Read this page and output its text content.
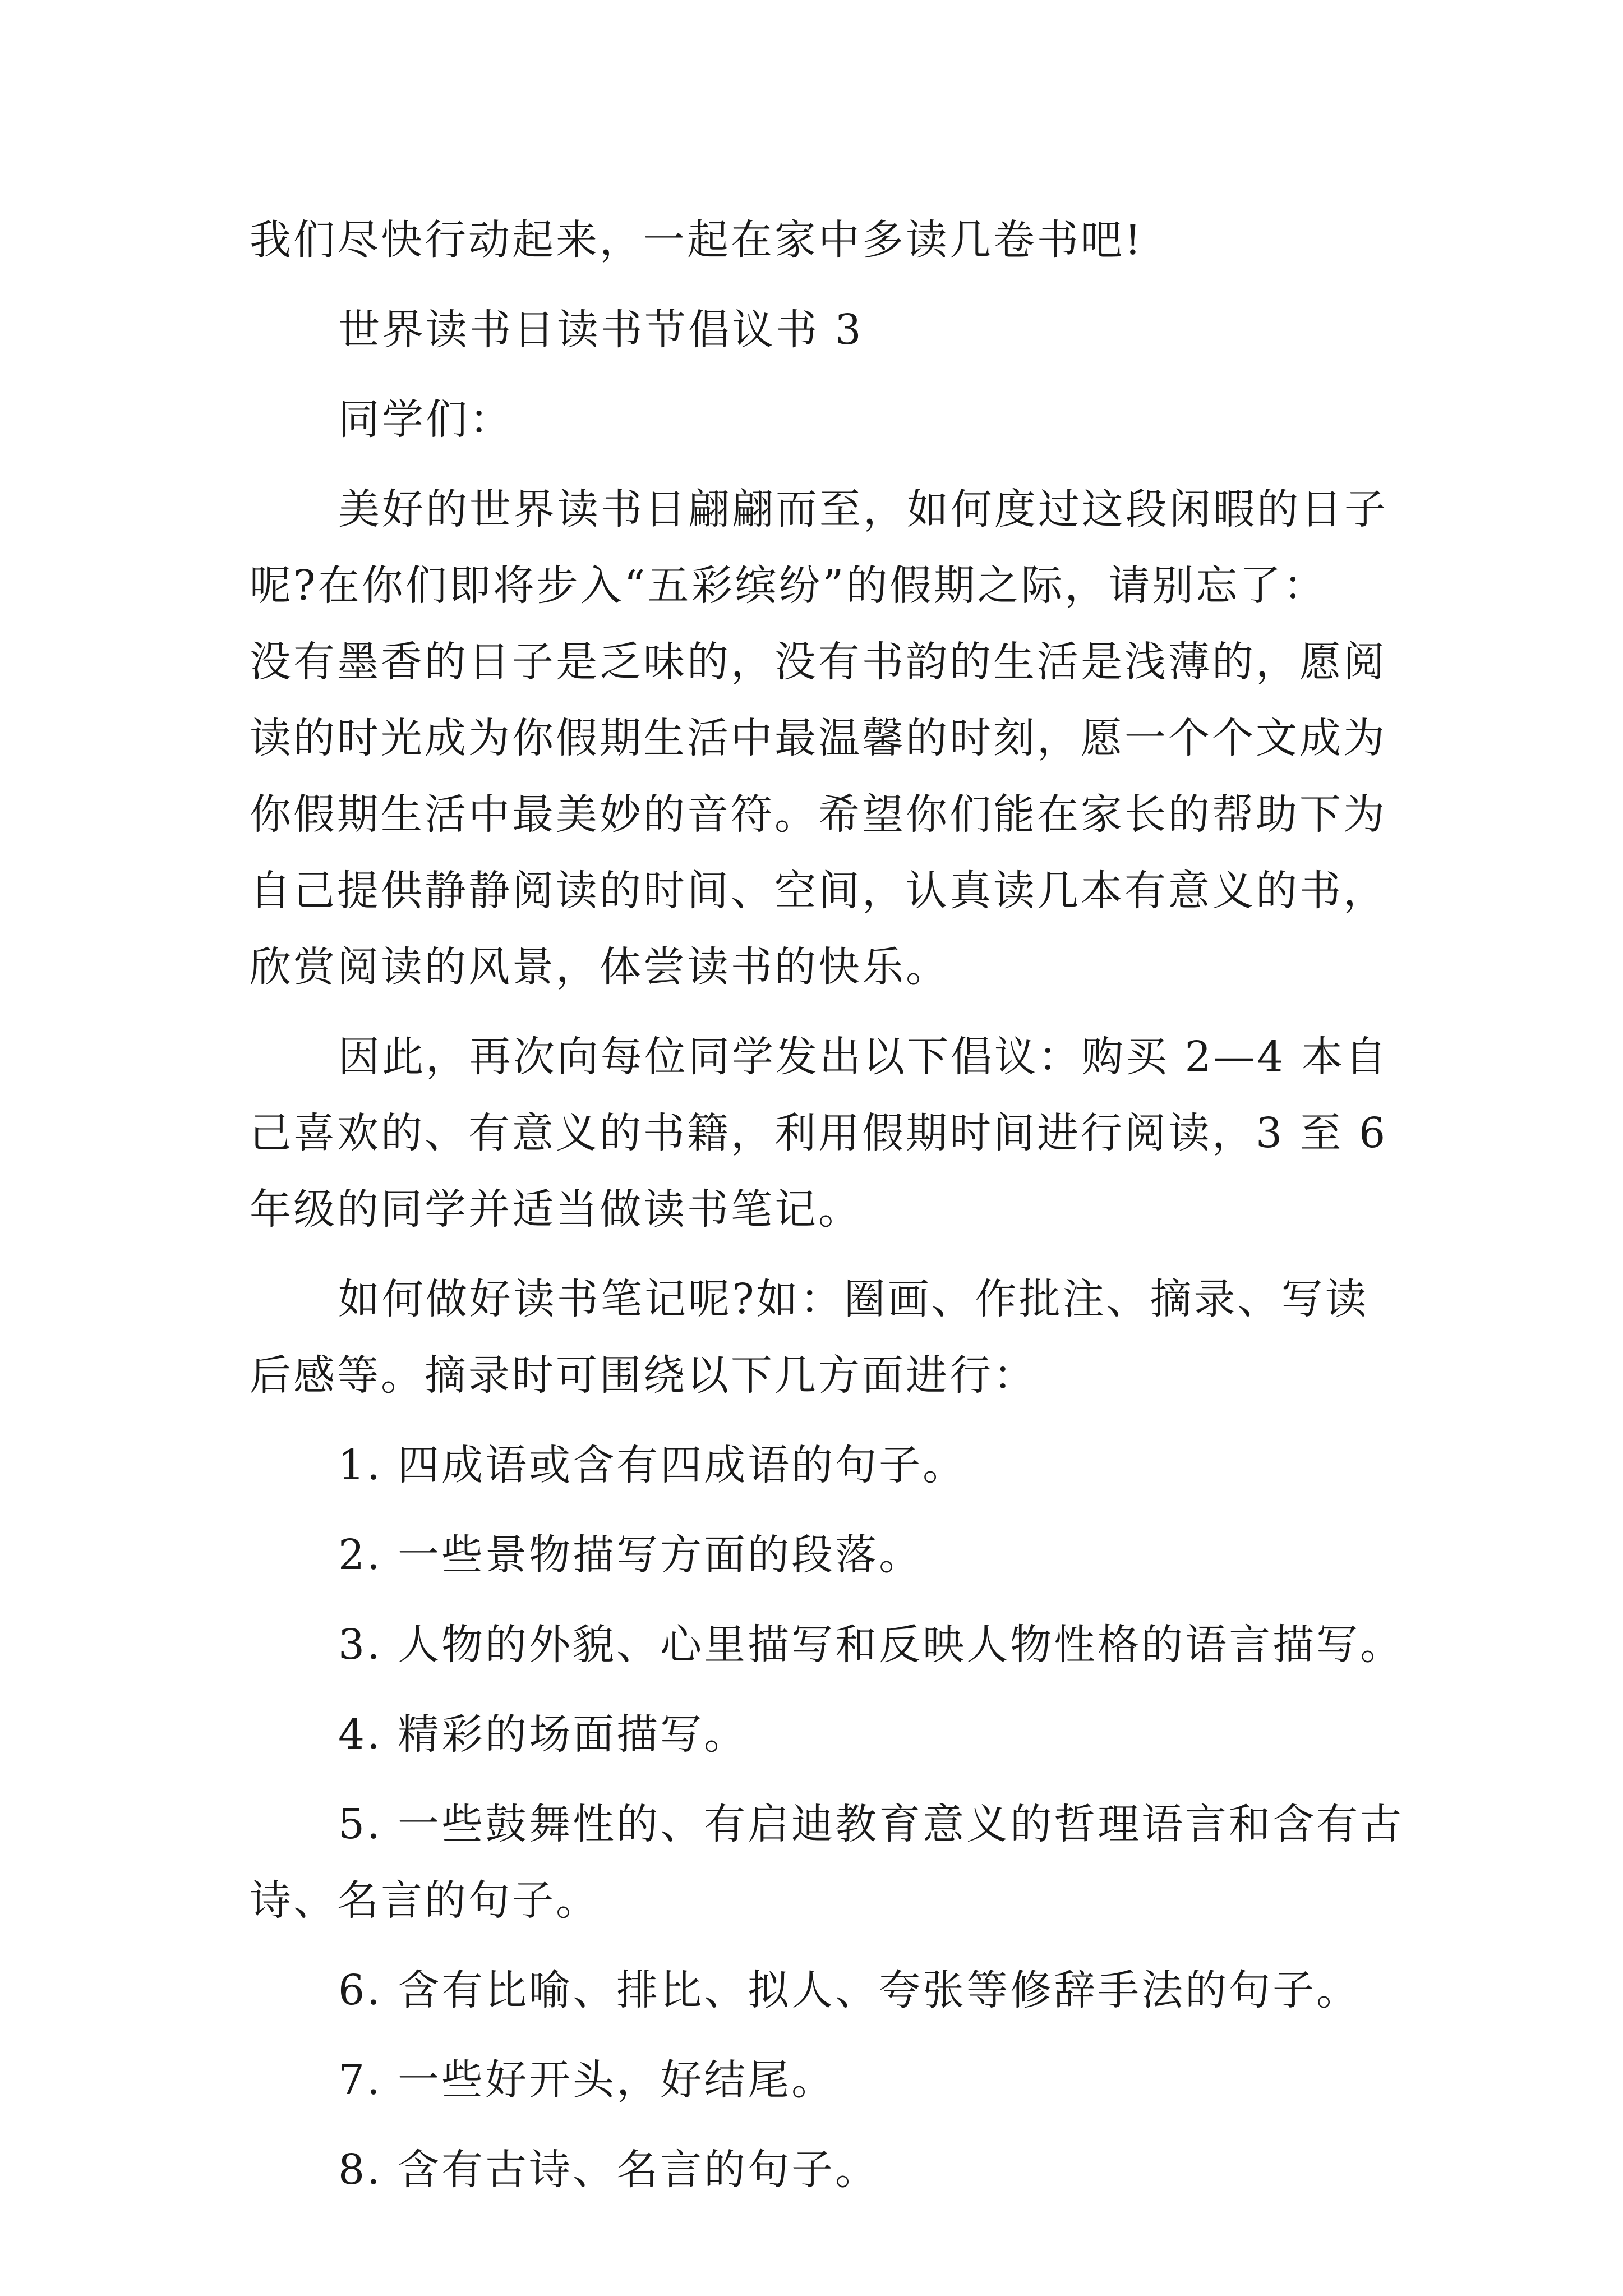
我们尽快行动起来，一起在家中多读几卷书吧!
世界读书日读书节倡议书 3
同学们：
美好的世界读书日翩翩而至，如何度过这段闲暇的日子
呢?在你们即将步入“五彩缤纷”的假期之际，请别忘了：
没有墨香的日子是乏味的，没有书韵的生活是浅薄的，愿阅
读的时光成为你假期生活中最温馨的时刻，愿一个个文成为
你假期生活中最美妙的音符。希望你们能在家长的帮助下为
自己提供静静阅读的时间、空间，认真读几本有意义的书，
欣赏阅读的风景，体尝读书的快乐。
因此，再次向每位同学发出以下倡议：购买 2—4 本自
己喜欢的、有意义的书籍，利用假期时间进行阅读，3 至 6
年级的同学并适当做读书笔记。
如何做好读书笔记呢?如：圈画、作批注、摘录、写读
后感等。摘录时可围绕以下几方面进行：
1. 四成语或含有四成语的句子。
2. 一些景物描写方面的段落。
3. 人物的外貌、心里描写和反映人物性格的语言描写。
4. 精彩的场面描写。
5. 一些鼓舞性的、有启迪教育意义的哲理语言和含有古
诗、名言的句子。
6. 含有比喻、排比、拟人、夸张等修辞手法的句子。
7. 一些好开头，好结尾。
8. 含有古诗、名言的句子。
